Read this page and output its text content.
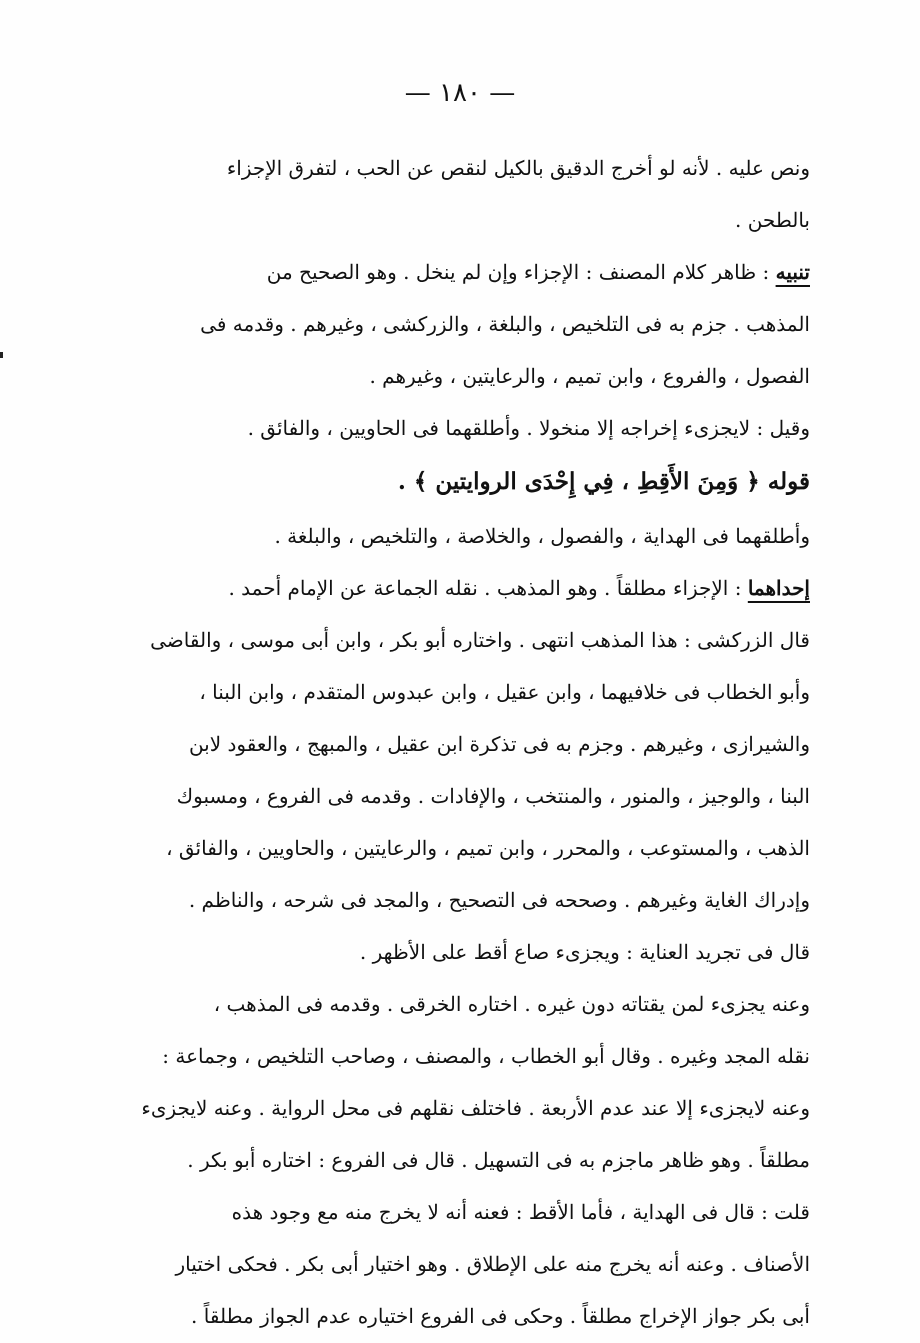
— ١٨٠ —
ونص عليه . لأنه لو أخرج الدقيق بالكيل لنقص عن الحب ، لتفرق الإجزاء
بالطحن .
تنبيه : ظاهر كلام المصنف : الإجزاء وإن لم ينخل . وهو الصحيح من
المذهب . جزم به فى التلخيص ، والبلغة ، والزركشى ، وغيرهم . وقدمه فى
الفصول ، والفروع ، وابن تميم ، والرعايتين ، وغيرهم .
وقيل : لايجزىء إخراجه إلا منخولا . وأطلقهما فى الحاويين ، والفائق .
قوله ﴿ وَمِنَ الأَقِطِ ، فِي إِحْدَى الروايتين ﴾ .
وأطلقهما فى الهداية ، والفصول ، والخلاصة ، والتلخيص ، والبلغة .
إحداهما : الإجزاء مطلقاً . وهو المذهب . نقله الجماعة عن الإمام أحمد .
قال الزركشى : هذا المذهب انتهى . واختاره أبو بكر ، وابن أبى موسى ، والقاضى
وأبو الخطاب فى خلافيهما ، وابن عقيل ، وابن عبدوس المتقدم ، وابن البنا ،
والشيرازى ، وغيرهم . وجزم به فى تذكرة ابن عقيل ، والمبهج ، والعقود لابن
البنا ، والوجيز ، والمنور ، والمنتخب ، والإفادات . وقدمه فى الفروع ، ومسبوك
الذهب ، والمستوعب ، والمحرر ، وابن تميم ، والرعايتين ، والحاويين ، والفائق ،
وإدراك الغاية وغيرهم . وصححه فى التصحيح ، والمجد فى شرحه ، والناظم .
قال فى تجريد العناية : ويجزىء صاع أقط على الأظهر .
وعنه يجزىء لمن يقتاته دون غيره . اختاره الخرقى . وقدمه فى المذهب ،
نقله المجد وغيره . وقال أبو الخطاب ، والمصنف ، وصاحب التلخيص ، وجماعة :
وعنه لايجزىء إلا عند عدم الأربعة . فاختلف نقلهم فى محل الرواية . وعنه لايجزىء
مطلقاً . وهو ظاهر ماجزم به فى التسهيل . قال فى الفروع : اختاره أبو بكر .
قلت : قال فى الهداية ، فأما الأقط : فعنه أنه لا يخرج منه مع وجود هذه
الأصناف . وعنه أنه يخرج منه على الإطلاق . وهو اختيار أبى بكر . فحكى اختيار
أبى بكر جواز الإخراج مطلقاً . وحكى فى الفروع اختياره عدم الجواز مطلقاً .
